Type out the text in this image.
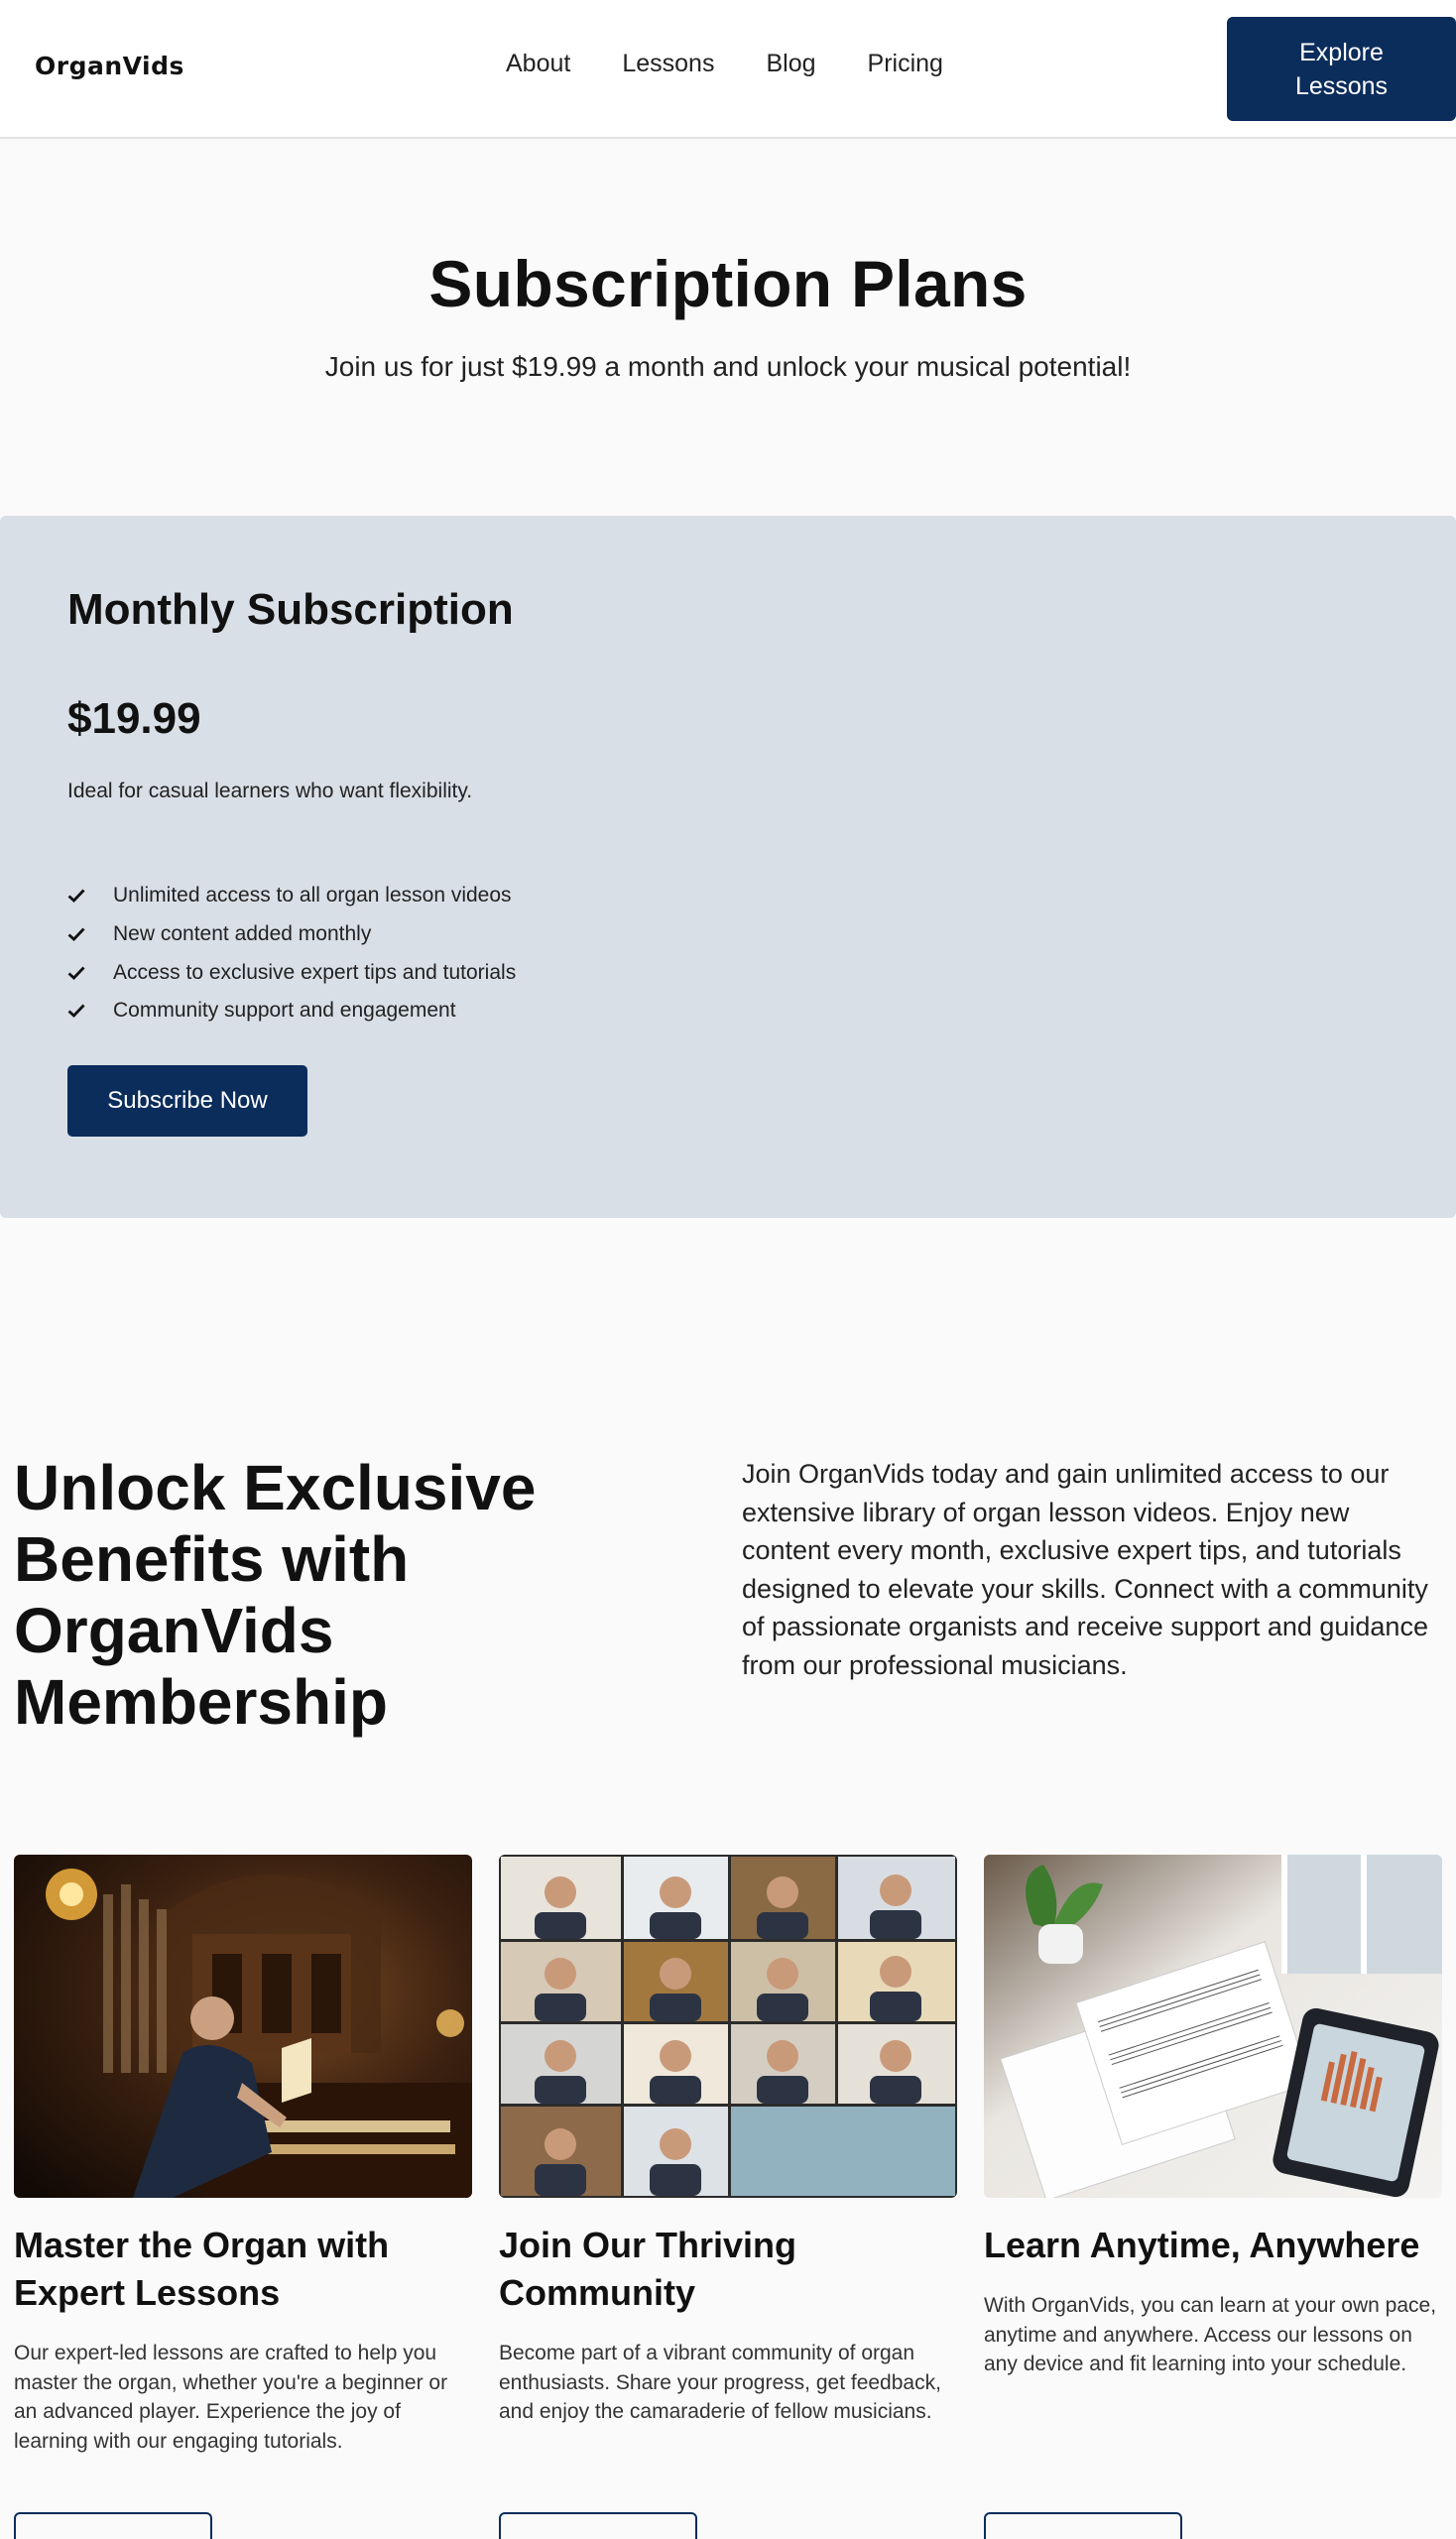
OrganVids	About Lessons Blog Pricing	Explore Lessons
Subscription Plans

Join us for just $19.99 a month and unlock your musical potential!

Monthly Subscription
$19.99

Ideal for casual learners who want flexibility.

Unlimited access to all organ lesson videos
New content added monthly
Access to exclusive expert tips and tutorials
Community support and engagement
Subscribe Now
Unlock Exclusive Benefits with OrganVids Membership

Join OrganVids today and gain unlimited access to our extensive library of organ lesson videos. Enjoy new content every month, exclusive expert tips, and tutorials designed to elevate your skills. Connect with a community of passionate organists and receive support and guidance from our professional musicians.

Master the Organ with Expert Lessons

Our expert-led lessons are crafted to help you master the organ, whether you're a beginner or an advanced player. Experience the joy of learning with our engaging tutorials.

Join Our Thriving Community

Become part of a vibrant community of organ enthusiasts. Share your progress, get feedback, and enjoy the camaraderie of fellow musicians.

Learn Anytime, Anywhere

With OrganVids, you can learn at your own pace, anytime and anywhere. Access our lessons on any device and fit learning into your schedule.
